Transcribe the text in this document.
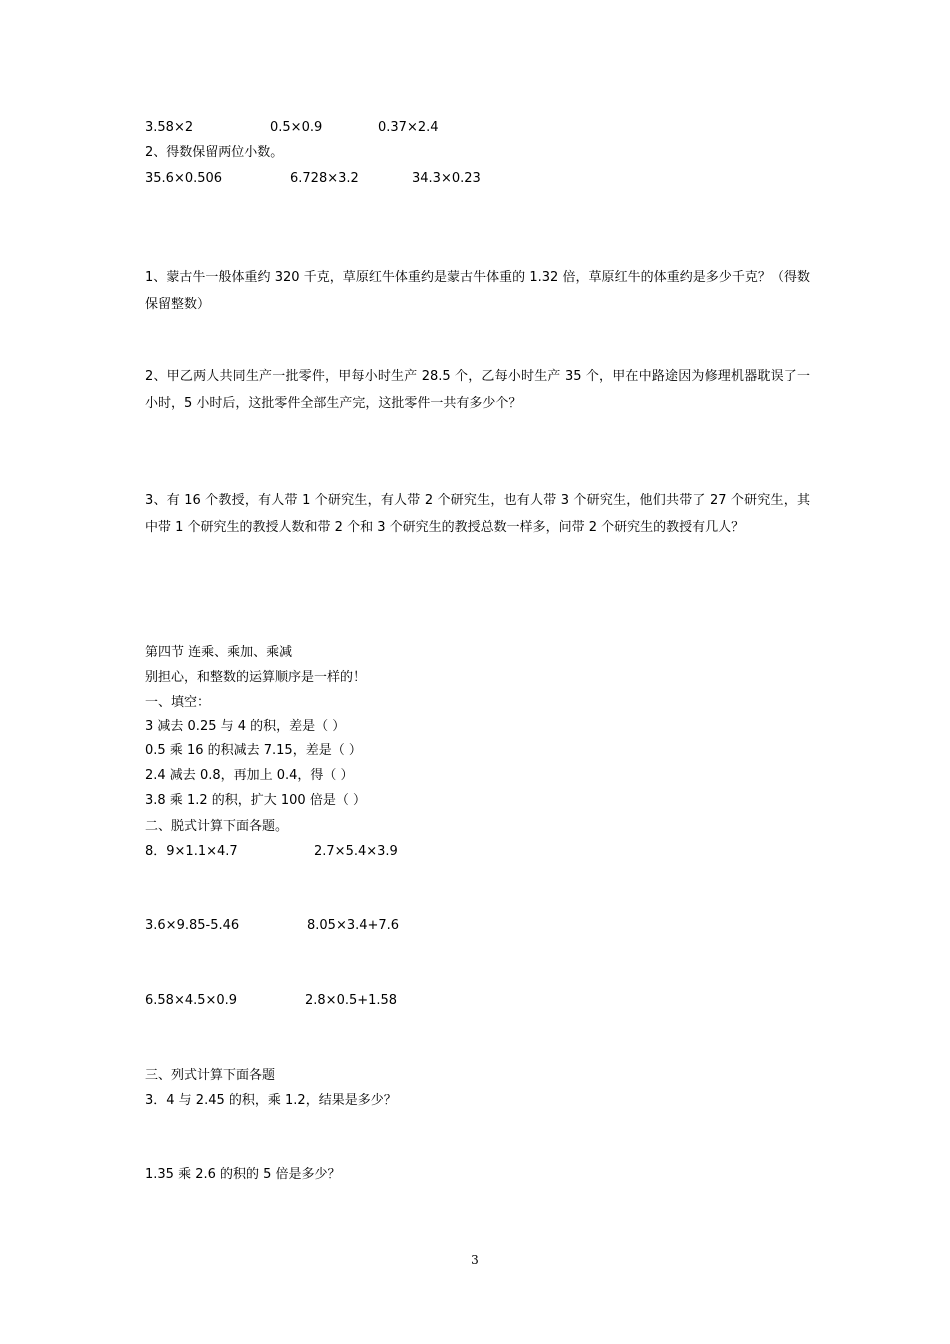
3.58×2	0.5×0.9	0.37×2.4
2、得数保留两位小数。
35.6×0.506	6.728×3.2	34.3×0.23
1、蒙古牛一般体重约 320 千克，草原红牛体重约是蒙古牛体重的 1.32 倍，草原红牛的体重约是多少千克？（得数保留整数）
2、甲乙两人共同生产一批零件，甲每小时生产 28.5 个，乙每小时生产 35 个，甲在中路途因为修理机器耽误了一小时，5 小时后，这批零件全部生产完，这批零件一共有多少个？
3、有 16 个教授，有人带 1 个研究生，有人带 2 个研究生，也有人带 3 个研究生，他们共带了 27 个研究生，其中带 1 个研究生的教授人数和带 2 个和 3 个研究生的教授总数一样多，问带 2 个研究生的教授有几人？
第四节 连乘、乘加、乘减
别担心，和整数的运算顺序是一样的！
一、填空：
3 减去 0.25 与 4 的积，差是（ ）
0.5 乘 16 的积减去 7.15，差是（ ）
2.4 减去 0.8，再加上 0.4，得（ ）
3.8 乘 1.2 的积，扩大 100 倍是（ ）
二、脱式计算下面各题。
8．9×1.1×4.7	2.7×5.4×3.9
3.6×9.85-5.46	8.05×3.4+7.6
6.58×4.5×0.9	2.8×0.5+1.58
三、列式计算下面各题
3．4 与 2.45 的积，乘 1.2，结果是多少？
1.35 乘 2.6 的积的 5 倍是多少？
3
